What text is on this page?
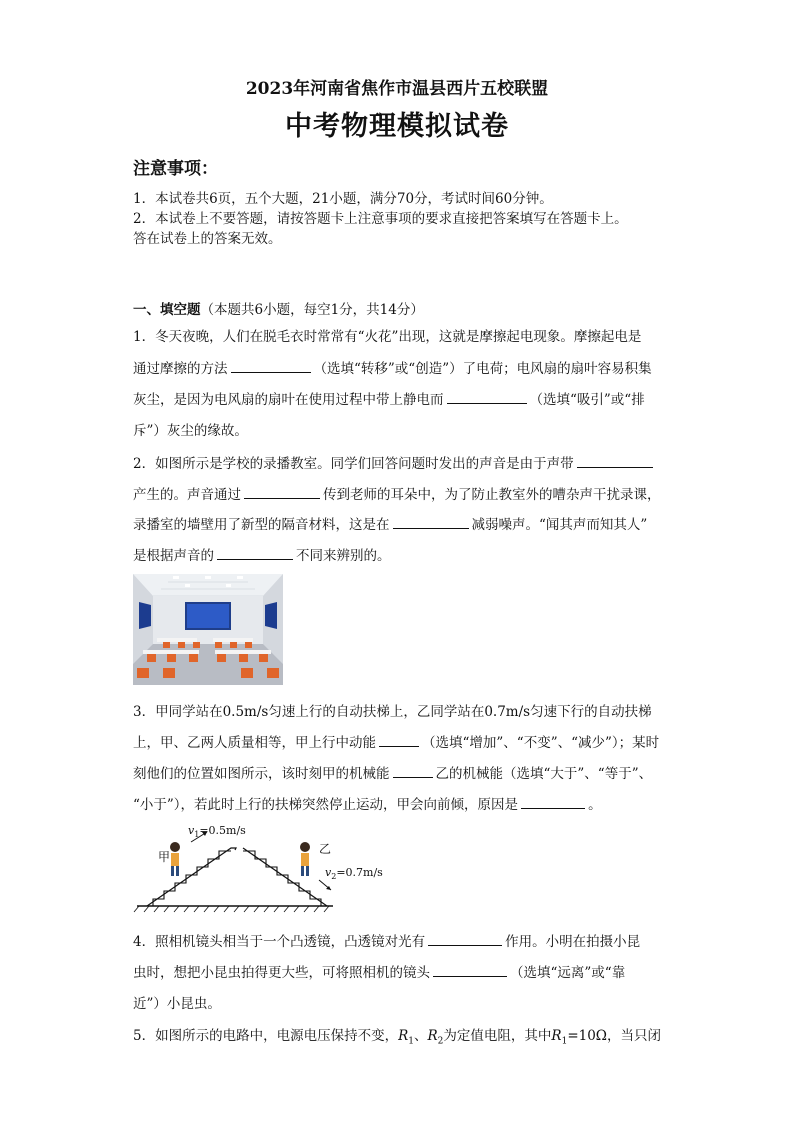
2023年河南省焦作市温县西片五校联盟
中考物理模拟试卷
注意事项：
1．本试卷共6页，五个大题，21小题，满分70分，考试时间60分钟。
2．本试卷上不要答题，请按答题卡上注意事项的要求直接把答案填写在答题卡上。
答在试卷上的答案无效。
一、填空题（本题共6小题，每空1分，共14分）
1．冬天夜晚，人们在脱毛衣时常常有“火花”出现，这就是摩擦起电现象。摩擦起电是
通过摩擦的方法	（选填“转移”或“创造”）了电荷；电风扇的扇叶容易积集
灰尘，是因为电风扇的扇叶在使用过程中带上静电而	（选填“吸引”或“排
斥”）灰尘的缘故。
2．如图所示是学校的录播教室。同学们回答问题时发出的声音是由于声带
产生的。声音通过	传到老师的耳朵中，为了防止教室外的嘈杂声干扰录课，
录播室的墙壁用了新型的隔音材料，这是在	减弱噪声。“闻其声而知其人”
是根据声音的	不同来辨别的。
3．甲同学站在0.5m/s匀速上行的自动扶梯上，乙同学站在0.7m/s匀速下行的自动扶梯
上，甲、乙两人质量相等，甲上行中动能	（选填“增加”、“不变”、“减少”）；某时
刻他们的位置如图所示，该时刻甲的机械能	乙的机械能（选填“大于”、“等于”、
“小于”），若此时上行的扶梯突然停止运动，甲会向前倾，原因是	。
$v_1=0.5m/s$
$v_2=0.7m/s$
甲
乙
4．照相机镜头相当于一个凸透镜，凸透镜对光有	作用。小明在拍摄小昆
虫时，想把小昆虫拍得更大些，可将照相机的镜头	（选填“远离”或“靠
近”）小昆虫。
5．如图所示的电路中，电源电压保持不变，$R_1$、$R_2$为定值电阻，其中$R_1=10\Omega$，当只闭
